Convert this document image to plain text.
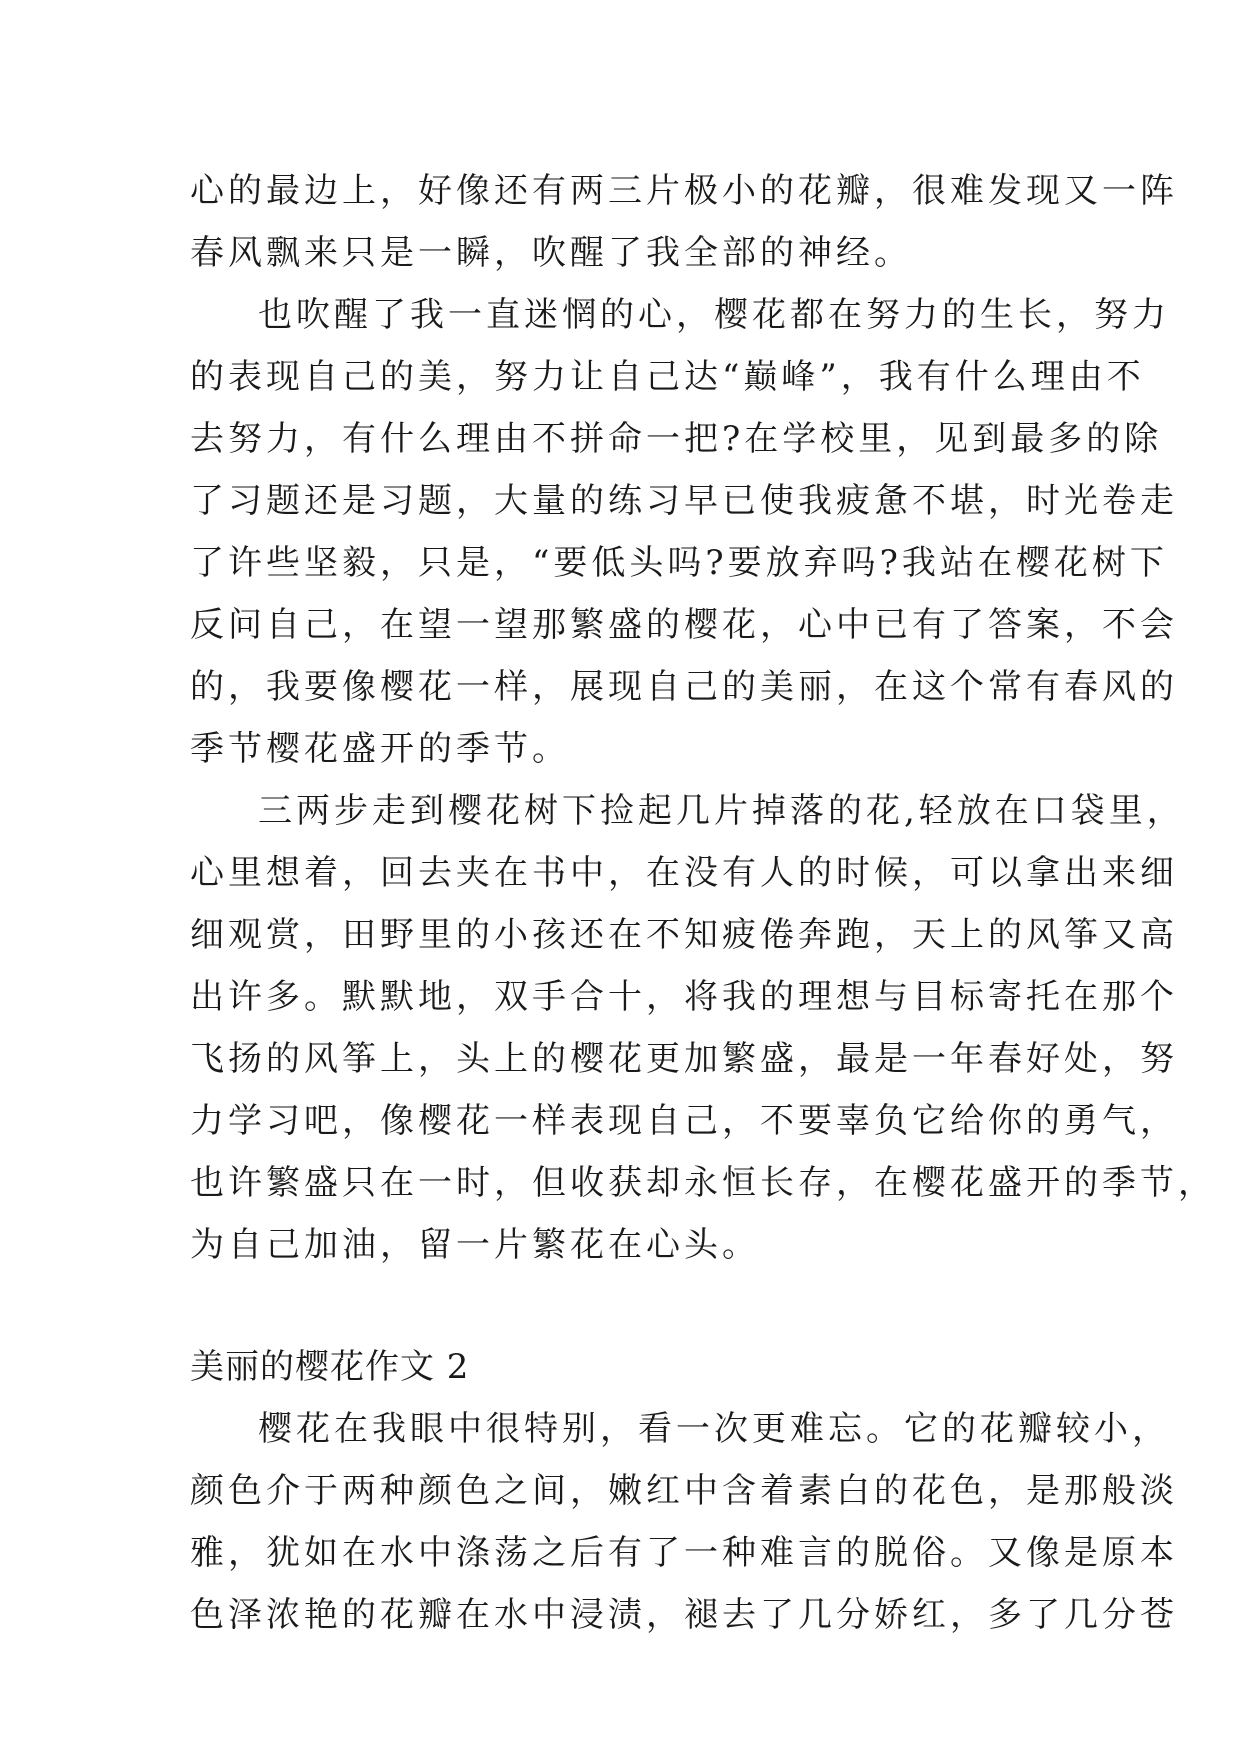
心的最边上，好像还有两三片极小的花瓣，很难发现又一阵
春风飘来只是一瞬，吹醒了我全部的神经。
也吹醒了我一直迷惘的心，樱花都在努力的生长，努力
的表现自己的美，努力让自己达“巅峰”，我有什么理由不
去努力，有什么理由不拼命一把?在学校里，见到最多的除
了习题还是习题，大量的练习早已使我疲惫不堪，时光卷走
了许些坚毅，只是，“要低头吗?要放弃吗?我站在樱花树下
反问自己，在望一望那繁盛的樱花，心中已有了答案，不会
的，我要像樱花一样，展现自己的美丽，在这个常有春风的
季节樱花盛开的季节。
三两步走到樱花树下捡起几片掉落的花,轻放在口袋里，
心里想着，回去夹在书中，在没有人的时候，可以拿出来细
细观赏，田野里的小孩还在不知疲倦奔跑，天上的风筝又高
出许多。默默地，双手合十，将我的理想与目标寄托在那个
飞扬的风筝上，头上的樱花更加繁盛，最是一年春好处，努
力学习吧，像樱花一样表现自己，不要辜负它给你的勇气，
也许繁盛只在一时，但收获却永恒长存，在樱花盛开的季节，
为自己加油，留一片繁花在心头。
美丽的樱花作文 2
樱花在我眼中很特别，看一次更难忘。它的花瓣较小，
颜色介于两种颜色之间，嫩红中含着素白的花色，是那般淡
雅，犹如在水中涤荡之后有了一种难言的脱俗。又像是原本
色泽浓艳的花瓣在水中浸渍，褪去了几分娇红，多了几分苍
